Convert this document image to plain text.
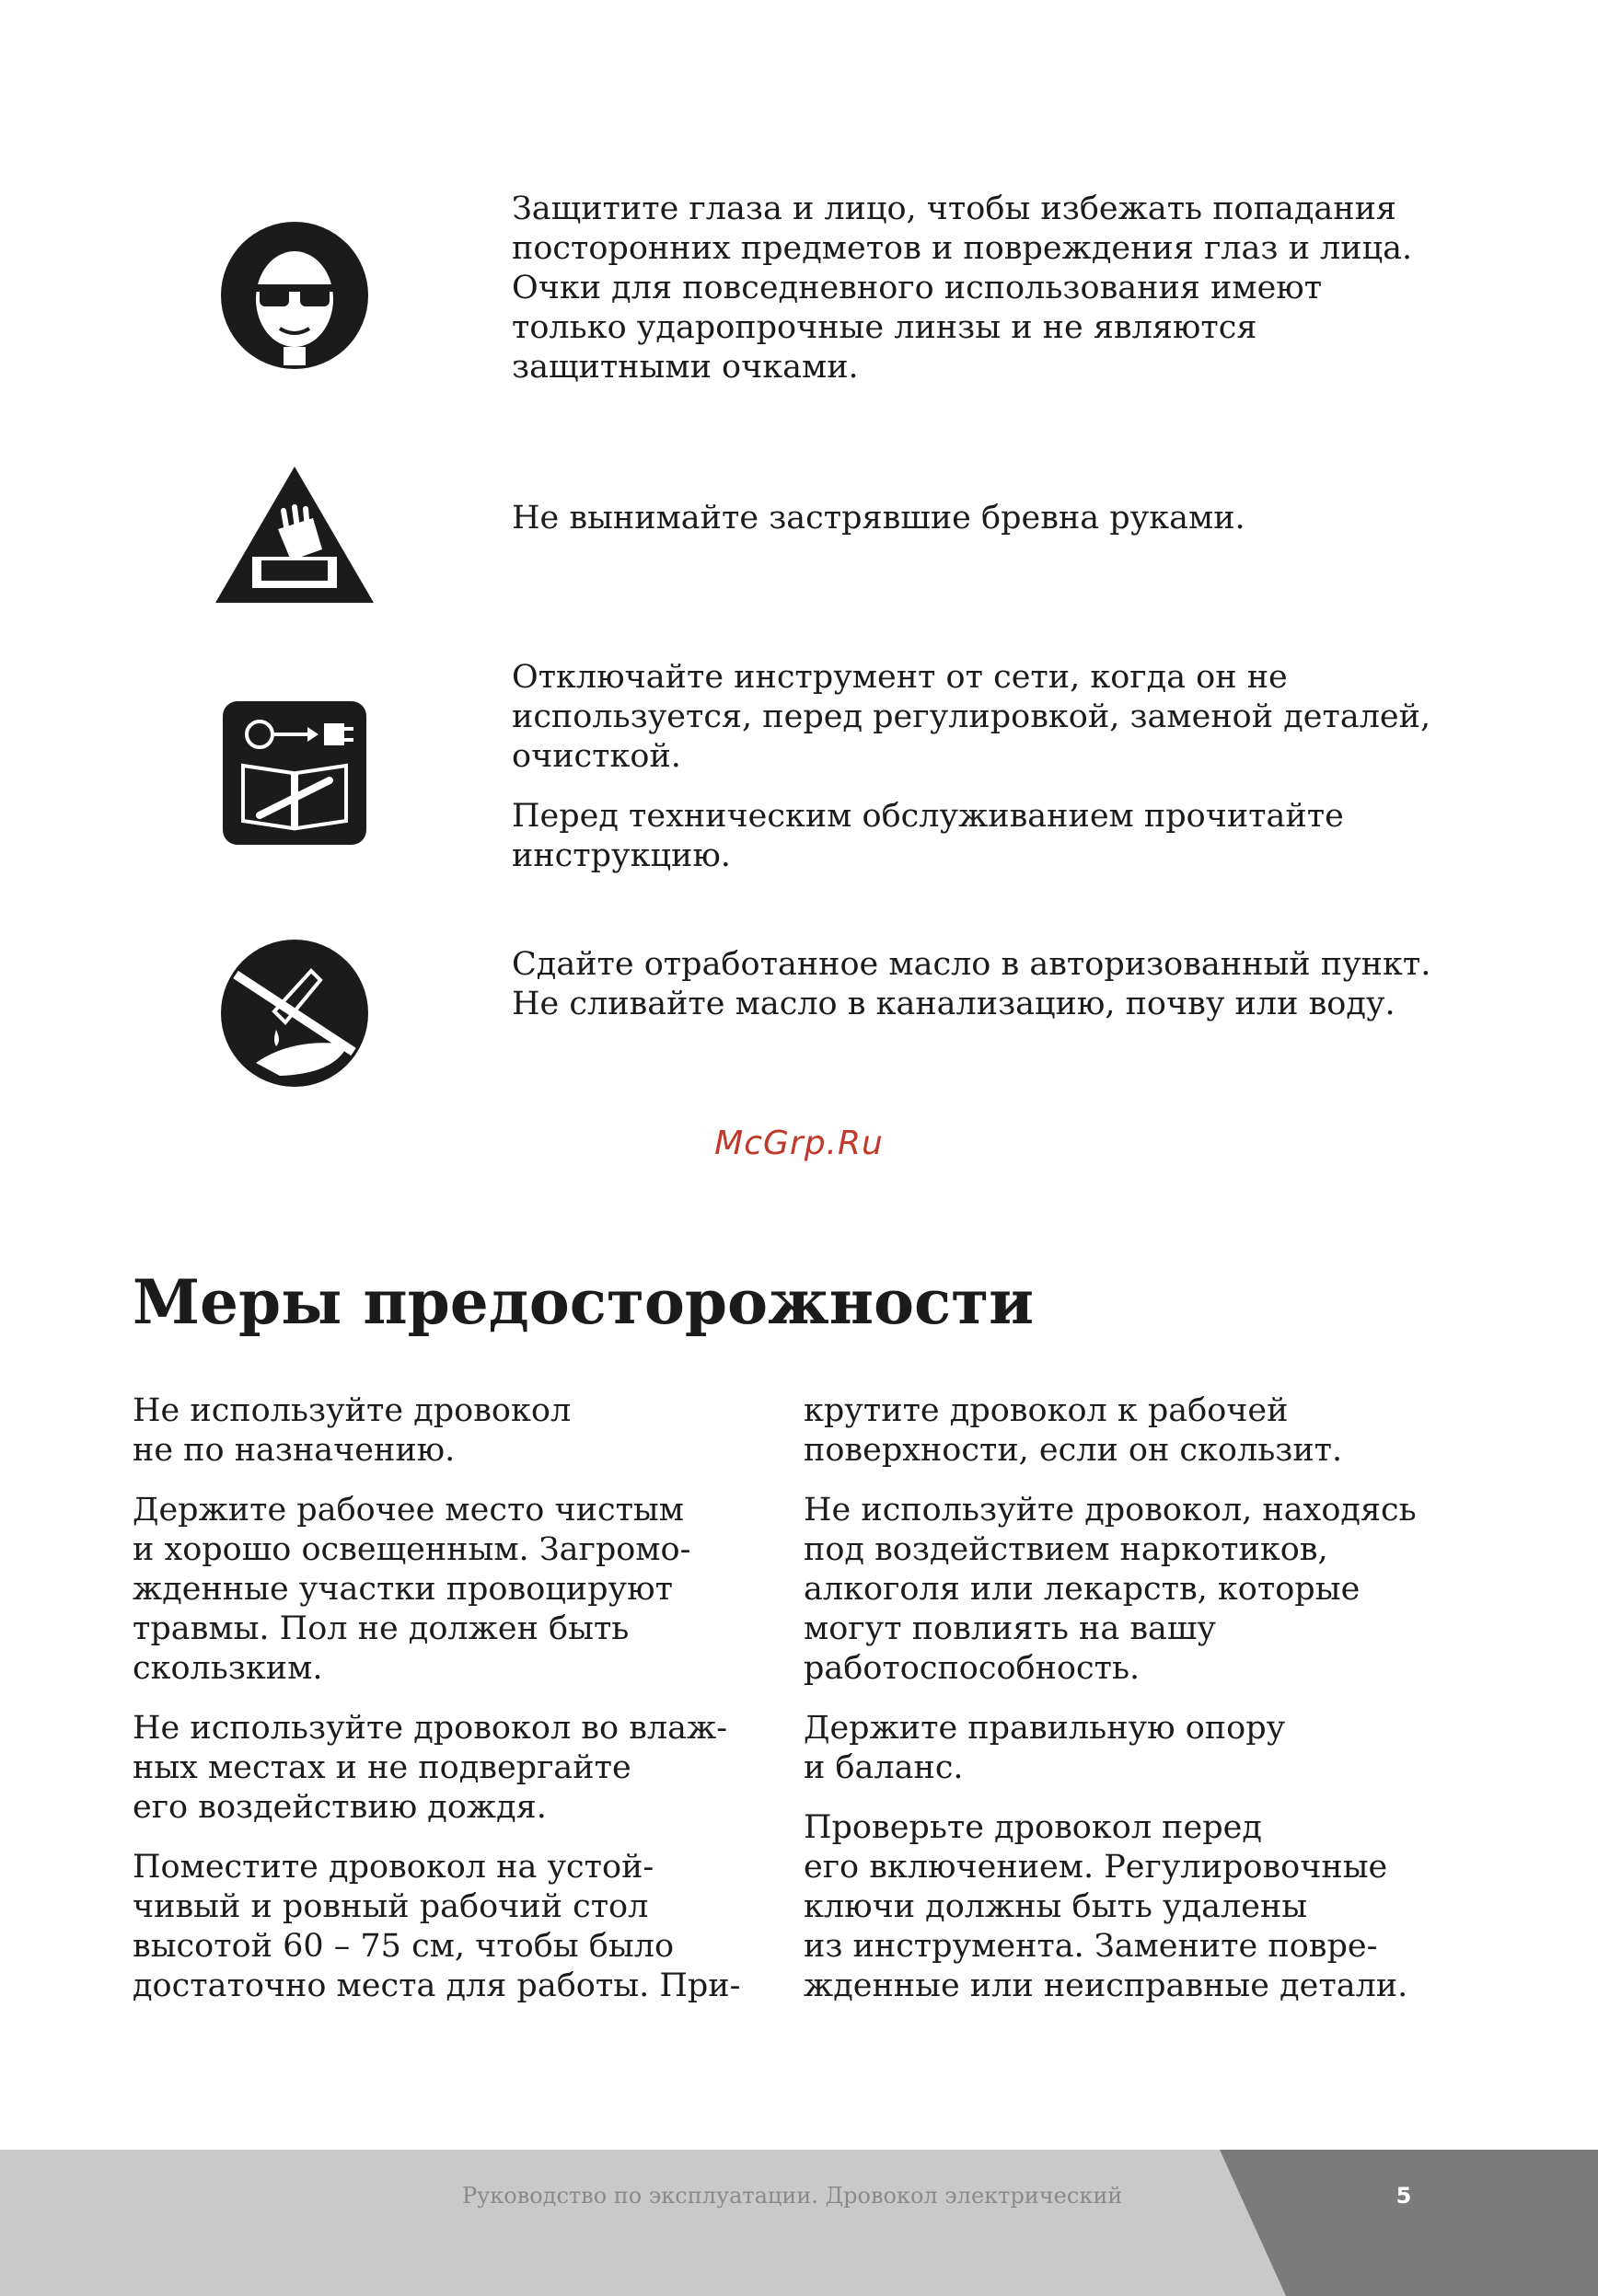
Защитите глаза и лицо, чтобы избежать попадания посторонних предметов и повреждения глаз и лица. Очки для повседневного использования имеют только ударопрочные линзы и не являются защитными очками.

Не вынимайте застрявшие бревна руками.

Отключайте инструмент от сети, когда он не используется, перед регулировкой, заменой деталей, очисткой.

Перед техническим обслуживанием прочитайте инструкцию.

Сдайте отработанное масло в авторизованный пункт. Не сливайте масло в канализацию, почву или воду.

McGrp.Ru
Меры предосторожности

Не используйте дровокол
не по назначению.

Держите рабочее место чистым
и хорошо освещенным. Загромо-
жденные участки провоцируют
травмы. Пол не должен быть
скользким.

Не используйте дровокол во влаж-
ных местах и не подвергайте
его воздействию дождя.

Поместите дровокол на устой-
чивый и ровный рабочий стол
высотой 60 – 75 см, чтобы было
достаточно места для работы. При-

крутите дровокол к рабочей
поверхности, если он скользит.

Не используйте дровокол, находясь
под воздействием наркотиков,
алкоголя или лекарств, которые
могут повлиять на вашу
работоспособность.

Держите правильную опору
и баланс.

Проверьте дровокол перед
его включением. Регулировочные
ключи должны быть удалены
из инструмента. Замените повре-
жденные или неисправные детали.

Руководство по эксплуатации. Дровокол электрический	5
